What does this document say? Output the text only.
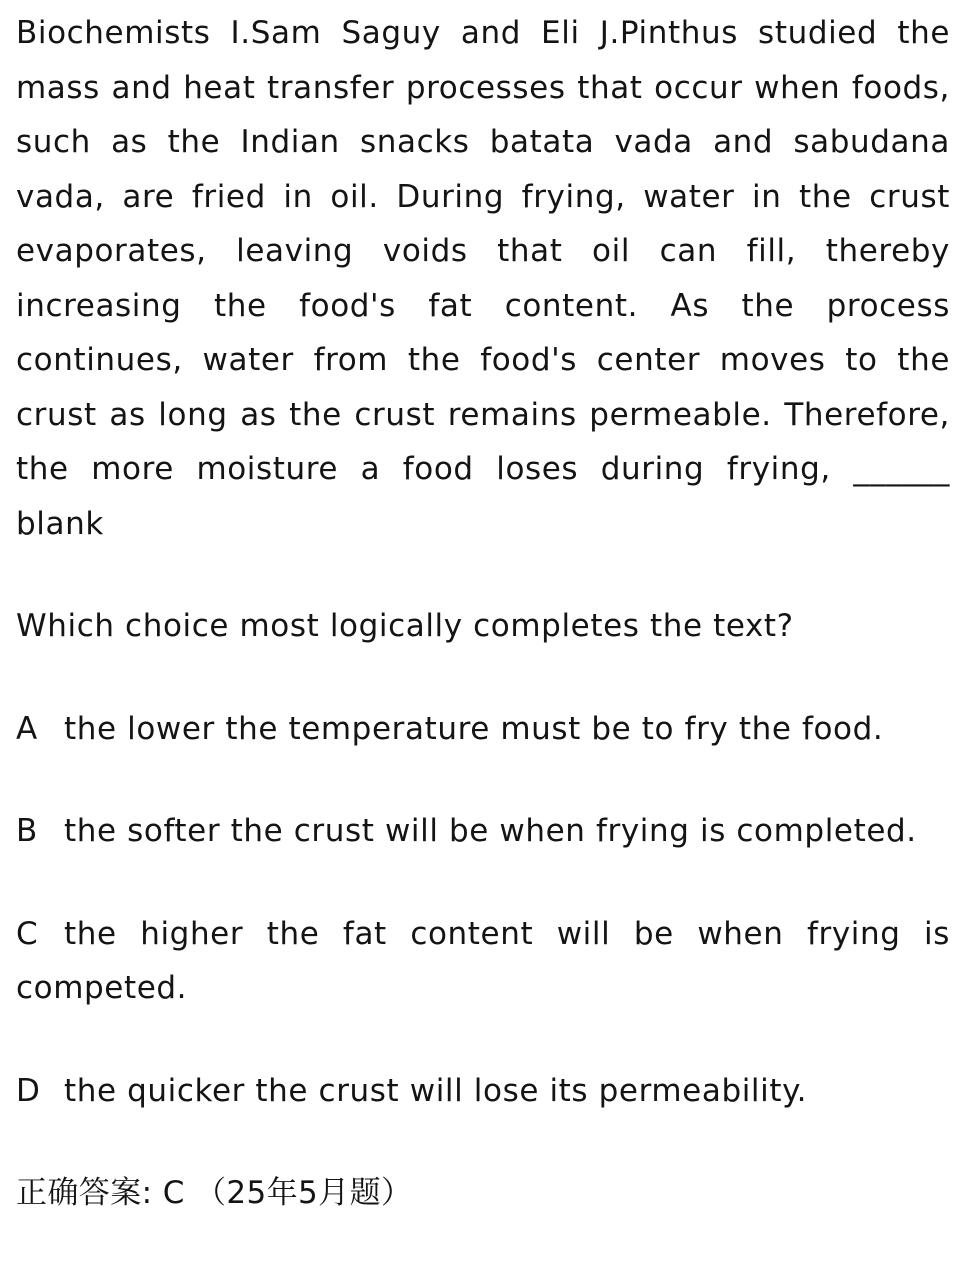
Biochemists I.Sam Saguy and Eli J.Pinthus studied the mass and heat transfer processes that occur when foods, such as the Indian snacks batata vada and sabudana vada, are fried in oil. During frying, water in the crust evaporates, leaving voids that oil can fill, thereby increasing the food's fat content. As the process continues, water from the food's center moves to the crust as long as the crust remains permeable. Therefore, the more moisture a food loses during frying, ______ blank

Which choice most logically completes the text?

A the lower the temperature must be to fry the food.

B the softer the crust will be when frying is completed.

C the higher the fat content will be when frying is competed.

D the quicker the crust will lose its permeability.

正确答案: C （25年5月题）
